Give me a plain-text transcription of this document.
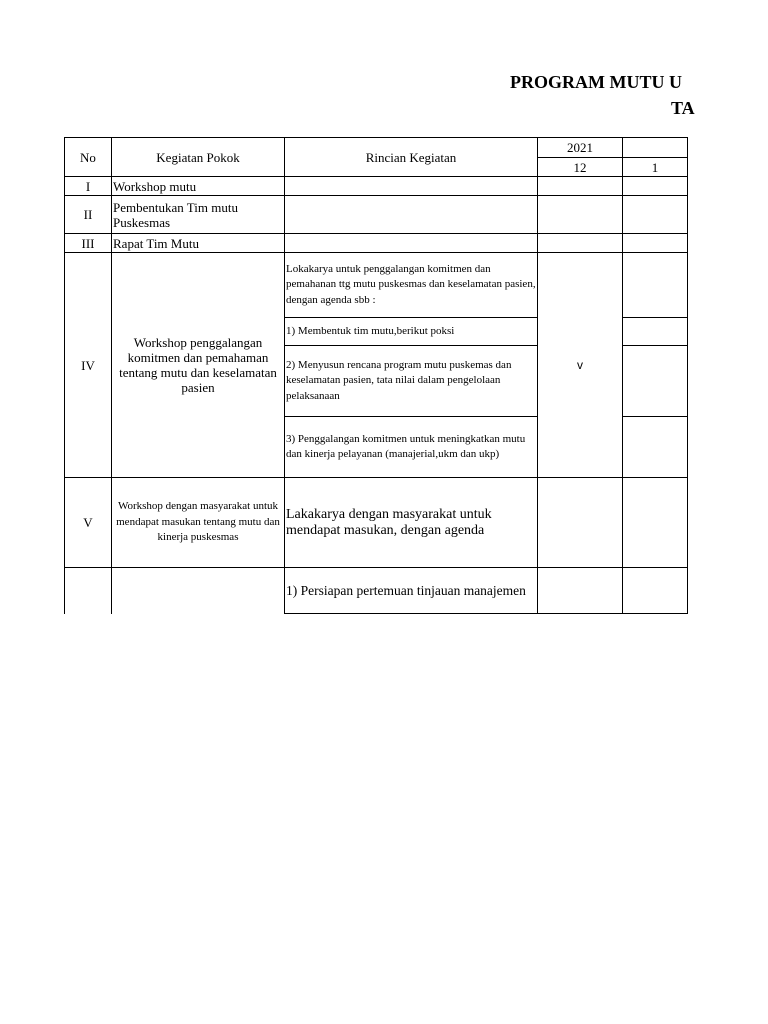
PROGRAM MUTU U
TA
No	Kegiatan Pokok	Rincian Kegiatan	2021	
			12	1
I	Workshop mutu			
II	Pembentukan Tim mutu Puskesmas			
III	Rapat Tim Mutu			
IV	Workshop penggalangan komitmen dan pemahaman tentang mutu dan keselamatan pasien	Lokakarya untuk penggalangan komitmen dan pemahanan ttg mutu puskesmas dan keselamatan pasien, dengan agenda sbb :	v	
		1) Membentuk tim mutu,berikut poksi		
		2) Menyusun rencana program mutu puskemas dan keselamatan pasien, tata nilai dalam pengelolaan pelaksanaan		
		3) Penggalangan komitmen untuk meningkatkan mutu dan kinerja pelayanan (manajerial,ukm dan ukp)		
V	Workshop dengan masyarakat untuk mendapat masukan tentang mutu dan kinerja puskesmas	Lakakarya dengan masyarakat untuk mendapat masukan, dengan agenda		
		1) Persiapan pertemuan tinjauan manajemen		
